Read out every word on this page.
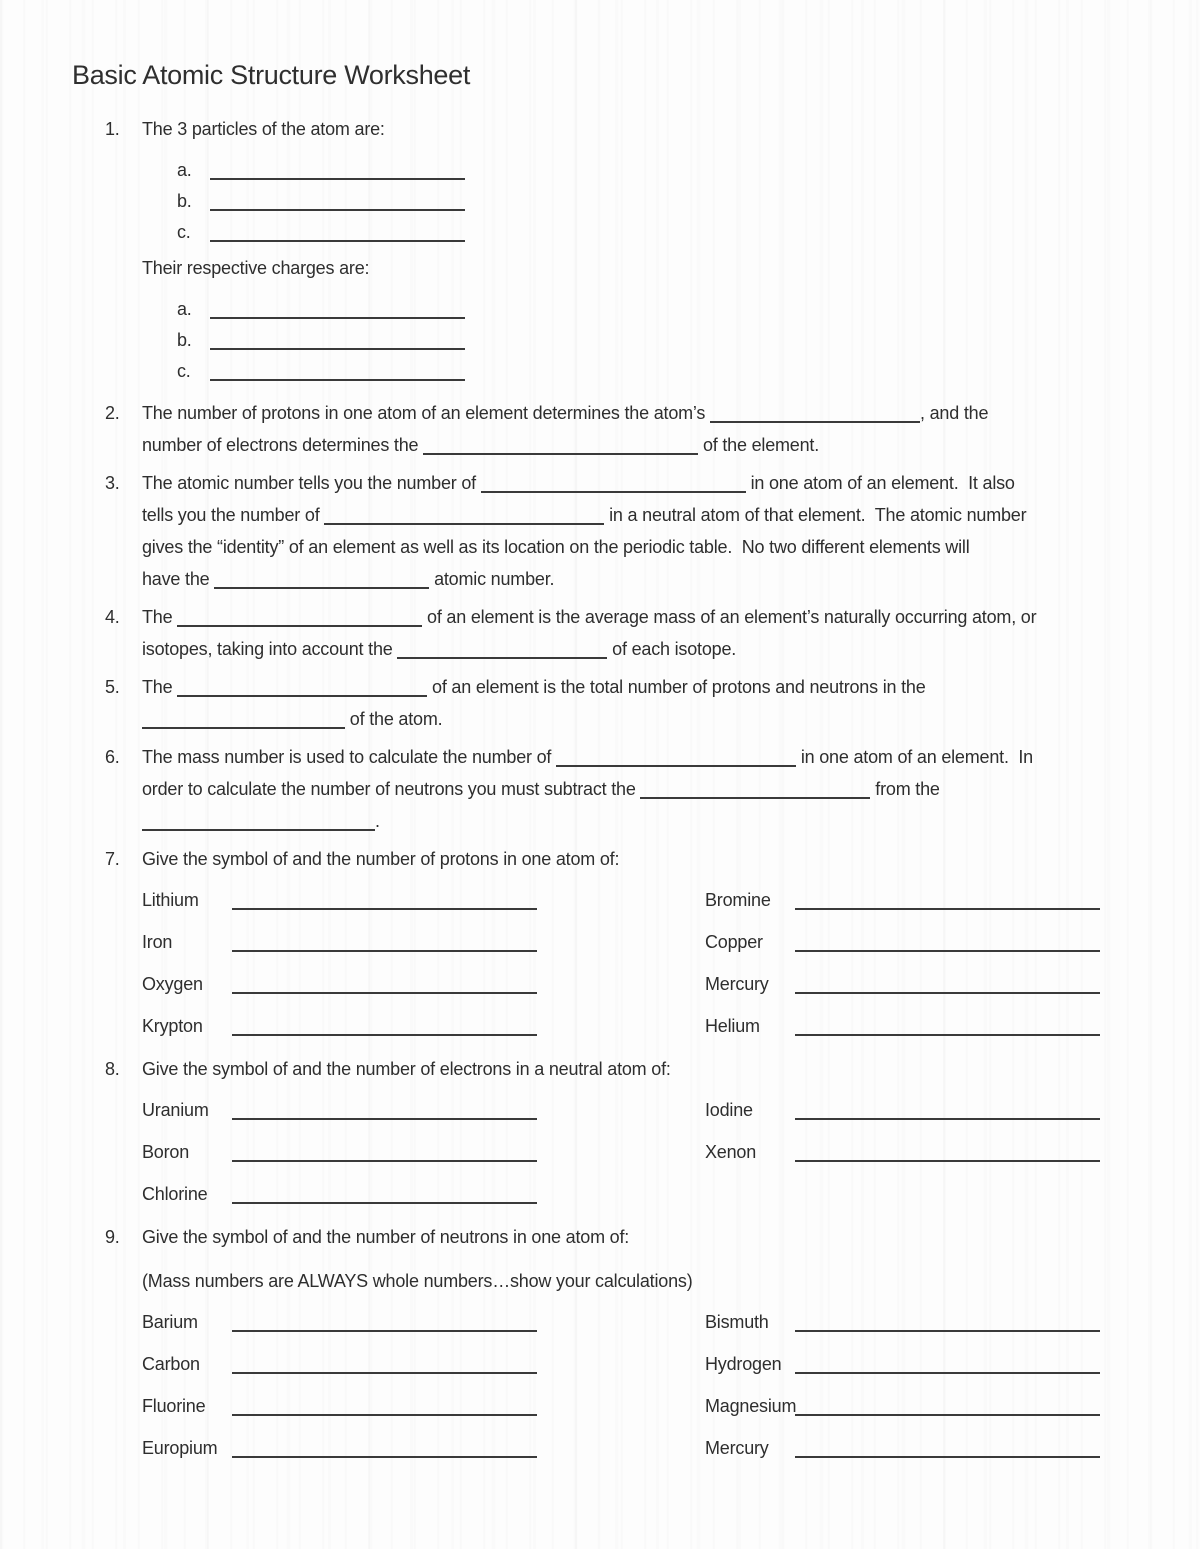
Basic Atomic Structure Worksheet
1.	The 3 particles of the atom are:
a.
b.
c.
Their respective charges are:
a.
b.
c.
2.	The number of protons in one atom of an element determines the atom’s	, and the
number of electrons determines the	of the element.
3.	The atomic number tells you the number of	in one atom of an element.  It also
tells you the number of	in a neutral atom of that element.  The atomic number
gives the “identity” of an element as well as its location on the periodic table.  No two different elements will
have the	atomic number.
4.	The	of an element is the average mass of an element’s naturally occurring atom, or
isotopes, taking into account the	of each isotope.
5.	The	of an element is the total number of protons and neutrons in the
of the atom.
6.	The mass number is used to calculate the number of	in one atom of an element.  In
order to calculate the number of neutrons you must subtract the	from the
.
7.	Give the symbol of and the number of protons in one atom of:
Lithium	Bromine
Iron	Copper
Oxygen	Mercury
Krypton	Helium
8.	Give the symbol of and the number of electrons in a neutral atom of:
Uranium	Iodine
Boron	Xenon
Chlorine
9.	Give the symbol of and the number of neutrons in one atom of:
(Mass numbers are ALWAYS whole numbers…show your calculations)
Barium	Bismuth
Carbon	Hydrogen
Fluorine	Magnesium
Europium	Mercury
